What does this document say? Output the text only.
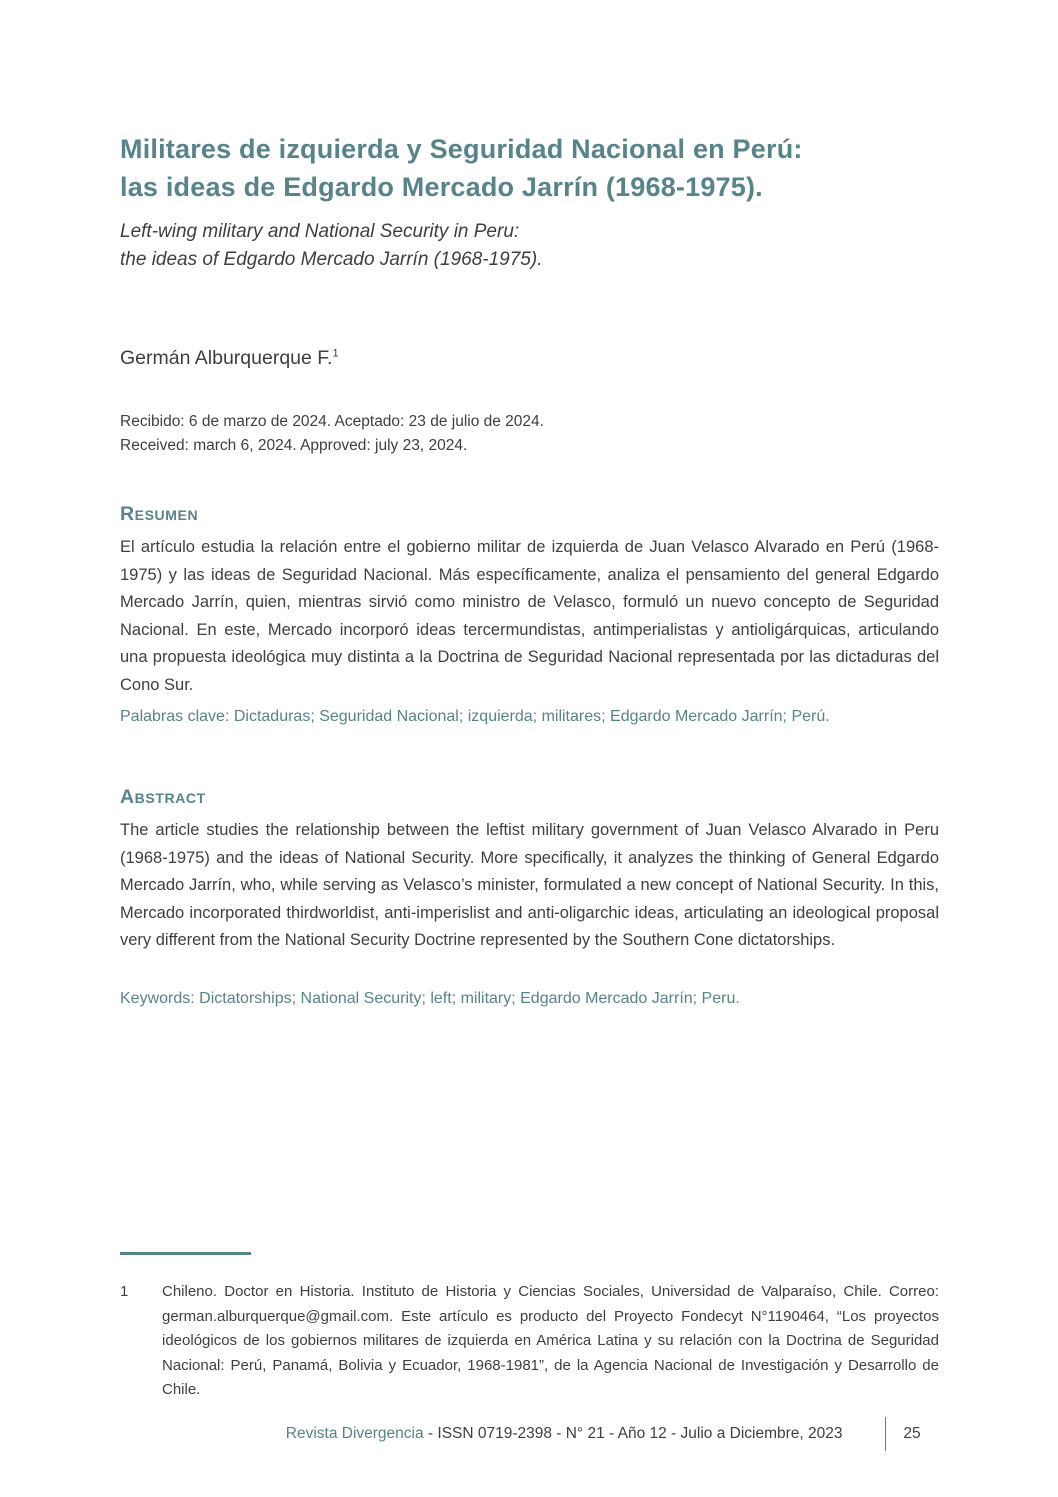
Militares de izquierda y Seguridad Nacional en Perú:
las ideas de Edgardo Mercado Jarrín (1968-1975).
Left-wing military and National Security in Peru:
the ideas of Edgardo Mercado Jarrín (1968-1975).
Germán Alburquerque F.$^1$
Recibido: 6 de marzo de 2024. Aceptado: 23 de julio de 2024.
Received: march 6, 2024. Approved: july 23, 2024.
Resumen

El artículo estudia la relación entre el gobierno militar de izquierda de Juan Velasco Alvarado en Perú (1968-1975) y las ideas de Seguridad Nacional. Más específicamente, analiza el pensamiento del general Edgardo Mercado Jarrín, quien, mientras sirvió como ministro de Velasco, formuló un nuevo concepto de Seguridad Nacional. En este, Mercado incorporó ideas tercermundistas, antimperialistas y antioligárquicas, articulando una propuesta ideológica muy distinta a la Doctrina de Seguridad Nacional representada por las dictaduras del Cono Sur.

Palabras clave: Dictaduras; Seguridad Nacional; izquierda; militares; Edgardo Mercado Jarrín; Perú.

Abstract

The article studies the relationship between the leftist military government of Juan Velasco Alvarado in Peru (1968-1975) and the ideas of National Security. More specifically, it analyzes the thinking of General Edgardo Mercado Jarrín, who, while serving as Velasco’s minister, formulated a new concept of National Security. In this, Mercado incorporated thirdworldist, anti-imperislist and anti-oligarchic ideas, articulating an ideological proposal very different from the National Security Doctrine represented by the Southern Cone dictatorships.

Keywords: Dictatorships; National Security; left; military; Edgardo Mercado Jarrín; Peru.

1 Chileno. Doctor en Historia. Instituto de Historia y Ciencias Sociales, Universidad de Valparaíso, Chile. Correo: german.alburquerque@gmail.com. Este artículo es producto del Proyecto Fondecyt N°1190464, “Los proyectos ideológicos de los gobiernos militares de izquierda en América Latina y su relación con la Doctrina de Seguridad Nacional: Perú, Panamá, Bolivia y Ecuador, 1968-1981”, de la Agencia Nacional de Investigación y Desarrollo de Chile.
Revista Divergencia - ISSN 0719-2398 - N° 21 - Año 12 - Julio a Diciembre, 2023	25
